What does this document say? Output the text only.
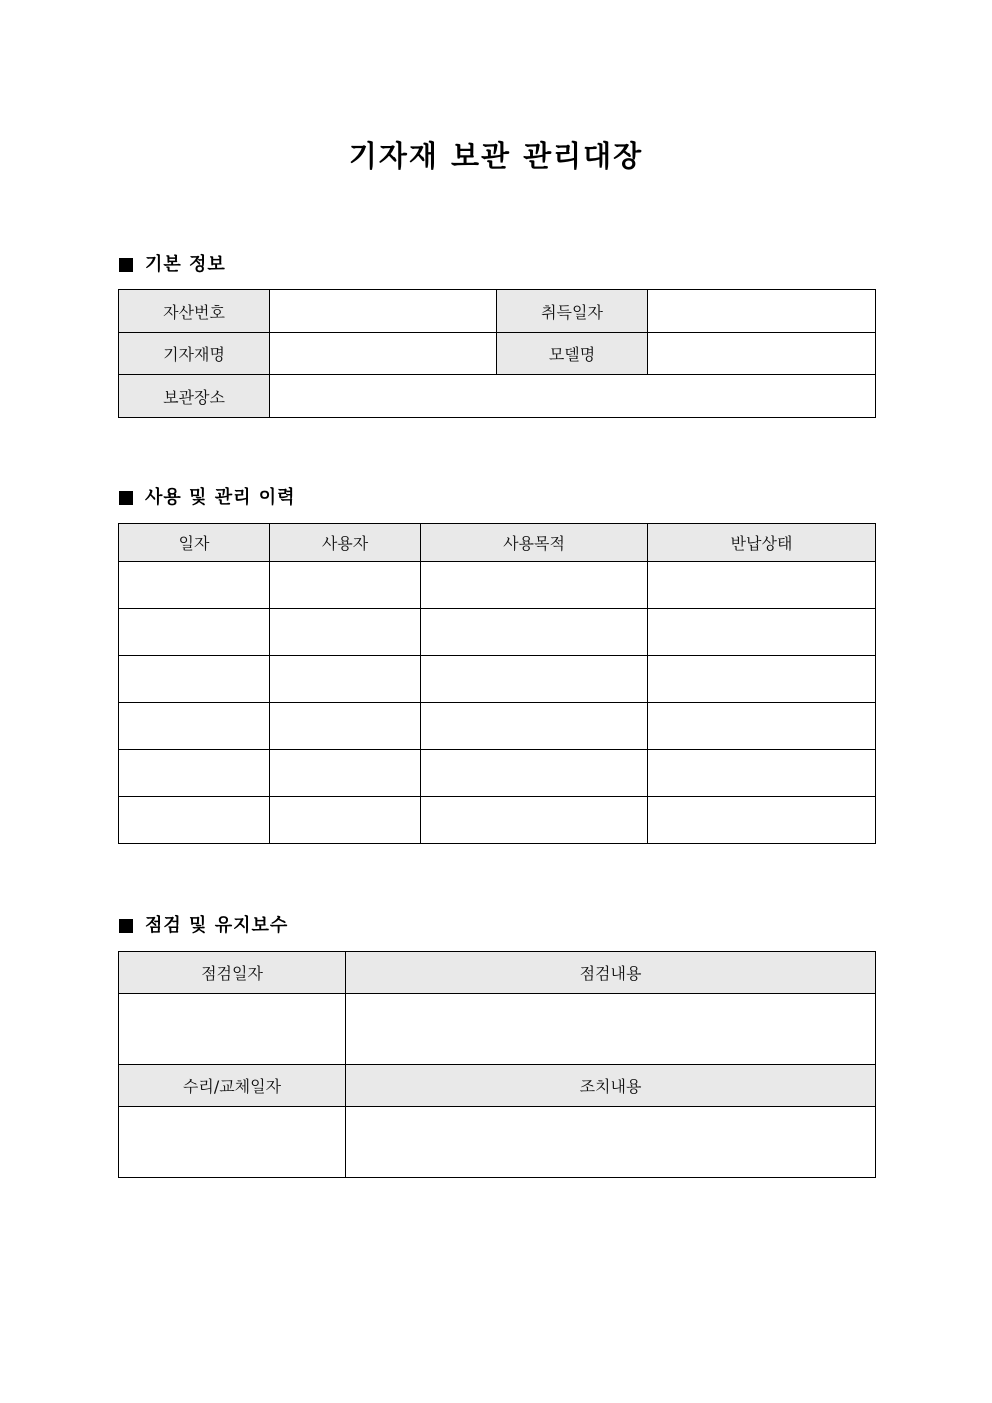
기자재 보관 관리대장
기본 정보
자산번호		취득일자	
기자재명		모델명	
보관장소			
사용 및 관리 이력
일자	사용자	사용목적	반납상태

점검 및 유지보수
점검일자	점검내용

수리/교체일자	조치내용
